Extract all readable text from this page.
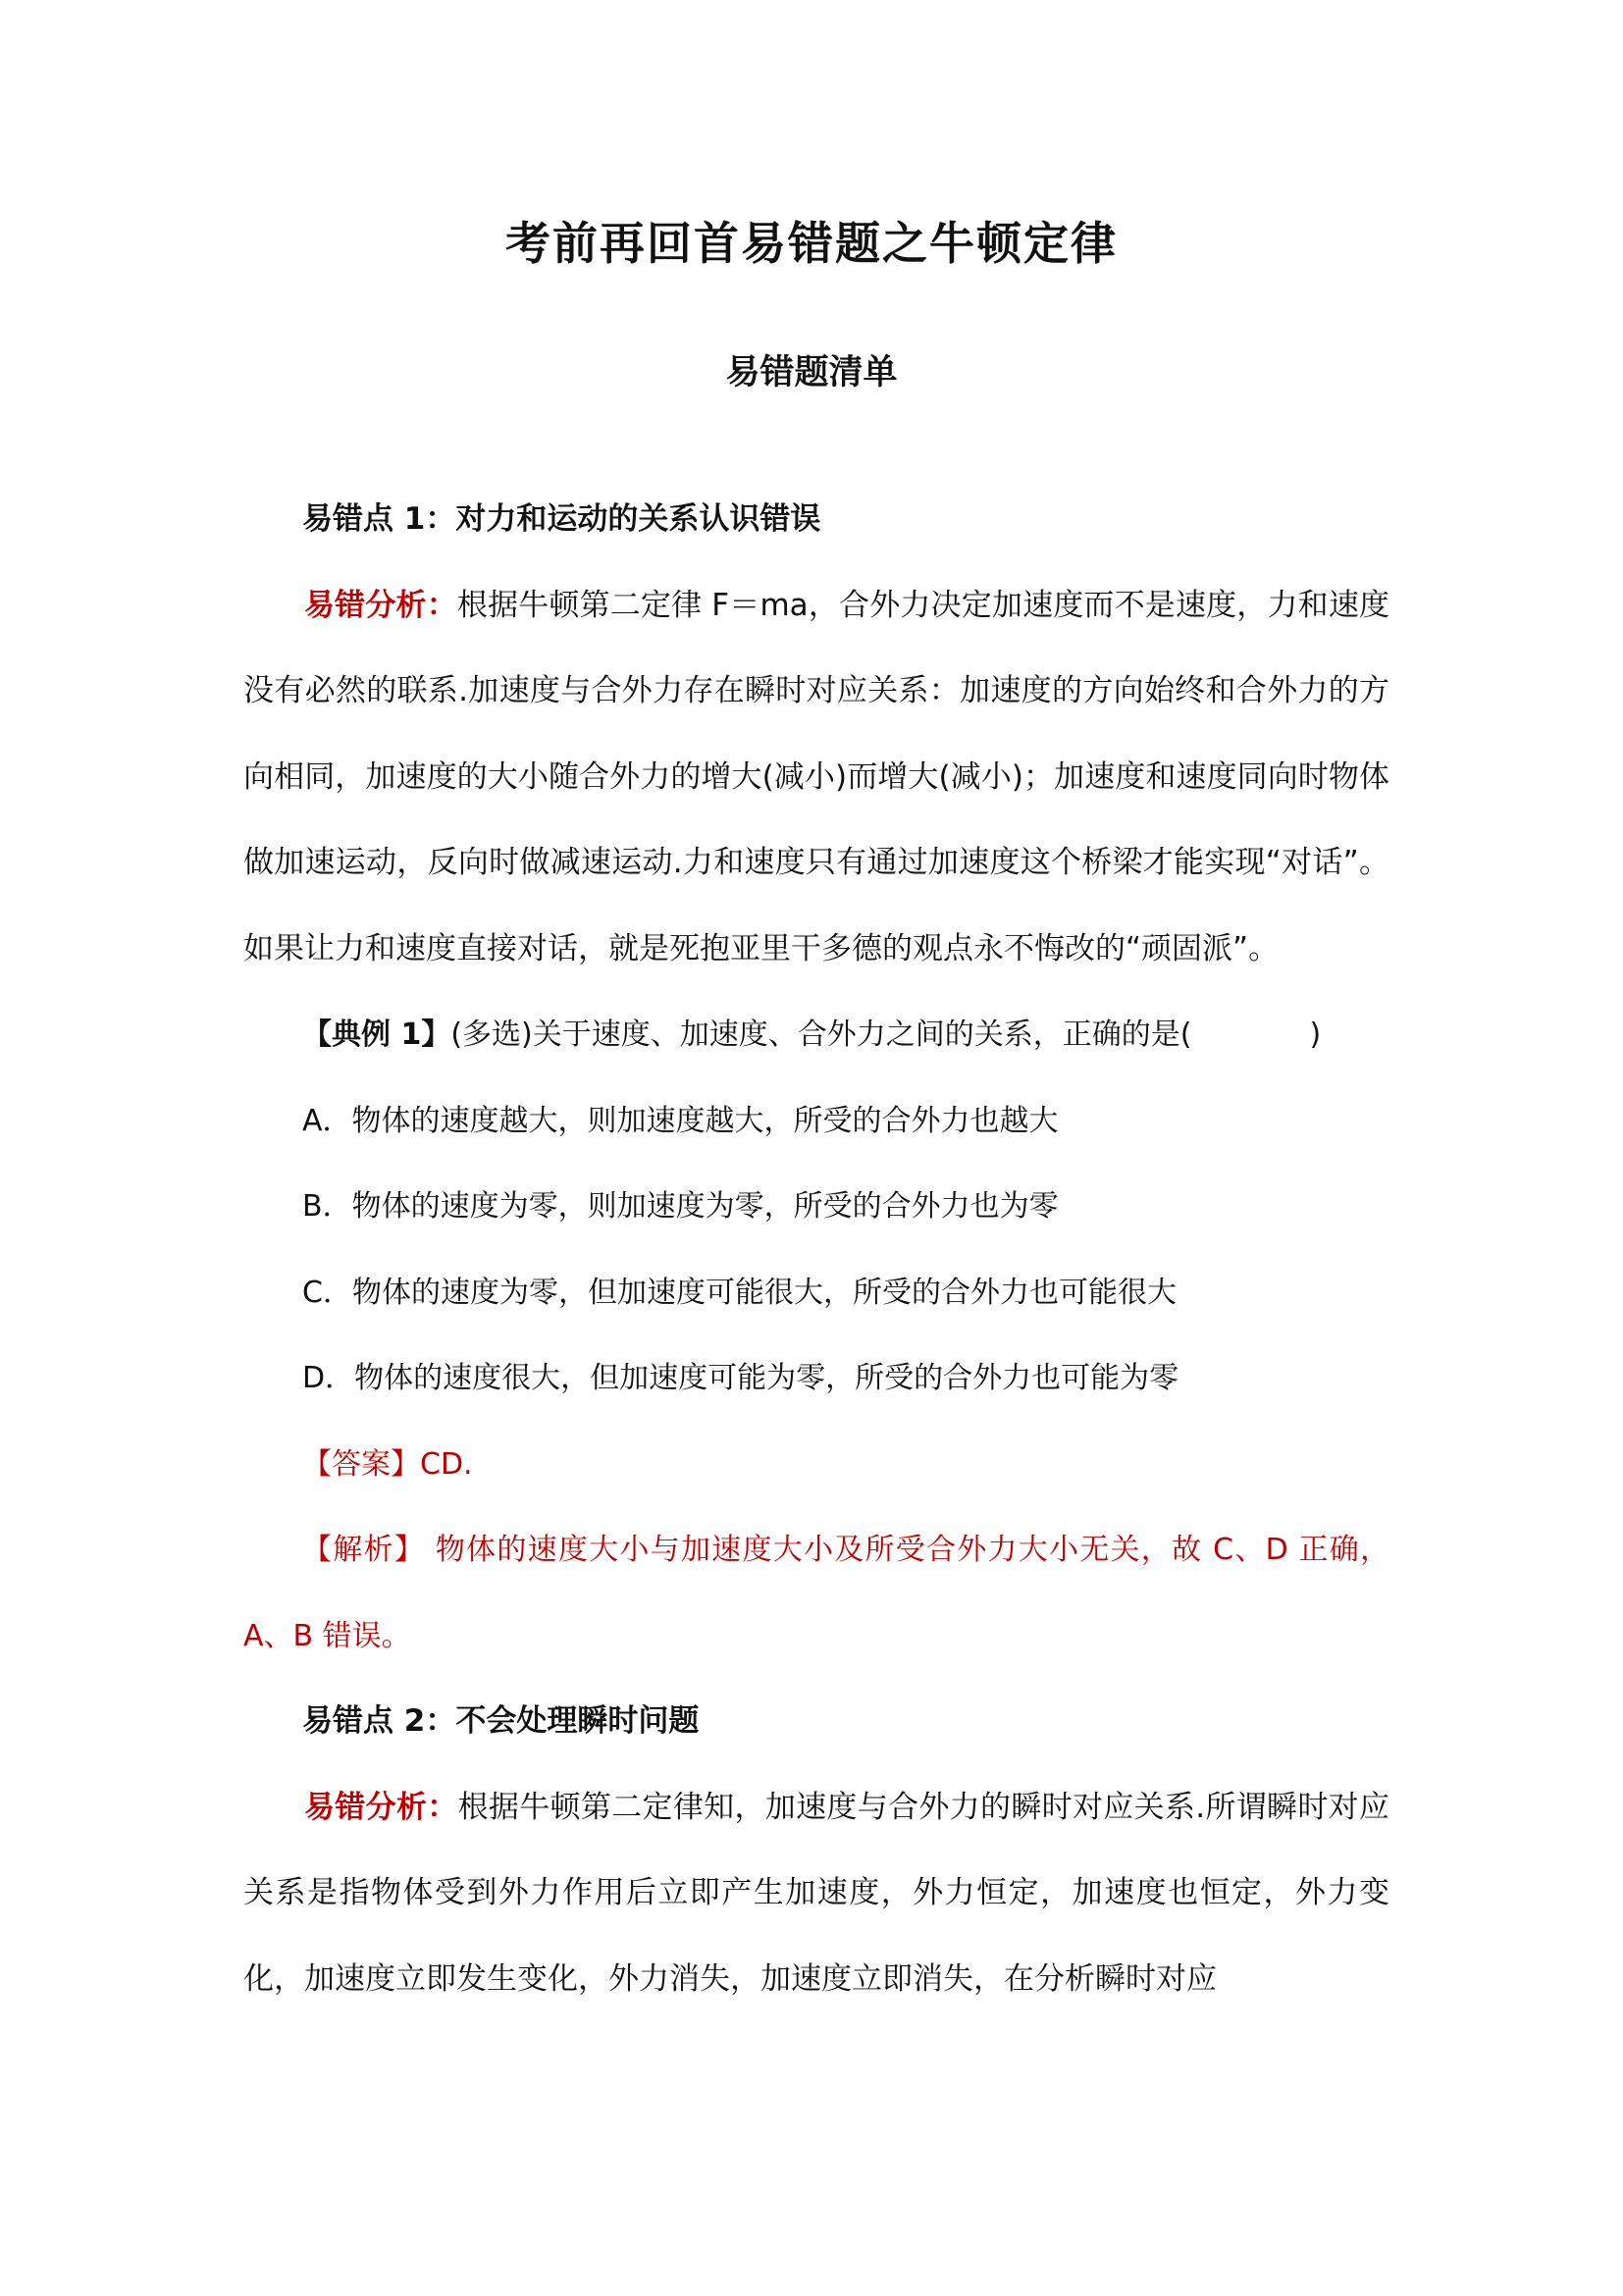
考前再回首易错题之牛顿定律
易错题清单

易错点 1：对力和运动的关系认识错误

易错分析：根据牛顿第二定律 F＝ma，合外力决定加速度而不是速度，力和速度没有必然的联系.加速度与合外力存在瞬时对应关系：加速度的方向始终和合外力的方向相同，加速度的大小随合外力的增大(减小)而增大(减小)；加速度和速度同向时物体做加速运动，反向时做减速运动.力和速度只有通过加速度这个桥梁才能实现“对话”。如果让力和速度直接对话，就是死抱亚里干多德的观点永不悔改的“顽固派”。

【典例 1】(多选)关于速度、加速度、合外力之间的关系，正确的是(　　　　)

A．物体的速度越大，则加速度越大，所受的合外力也越大

B．物体的速度为零，则加速度为零，所受的合外力也为零

C．物体的速度为零，但加速度可能很大，所受的合外力也可能很大

D．物体的速度很大，但加速度可能为零，所受的合外力也可能为零

【答案】CD.

【解析】 物体的速度大小与加速度大小及所受合外力大小无关，故 C、D 正确，A、B 错误。

易错点 2：不会处理瞬时问题

易错分析：根据牛顿第二定律知，加速度与合外力的瞬时对应关系.所谓瞬时对应关系是指物体受到外力作用后立即产生加速度，外力恒定，加速度也恒定，外力变化，加速度立即发生变化，外力消失，加速度立即消失，在分析瞬时对应
